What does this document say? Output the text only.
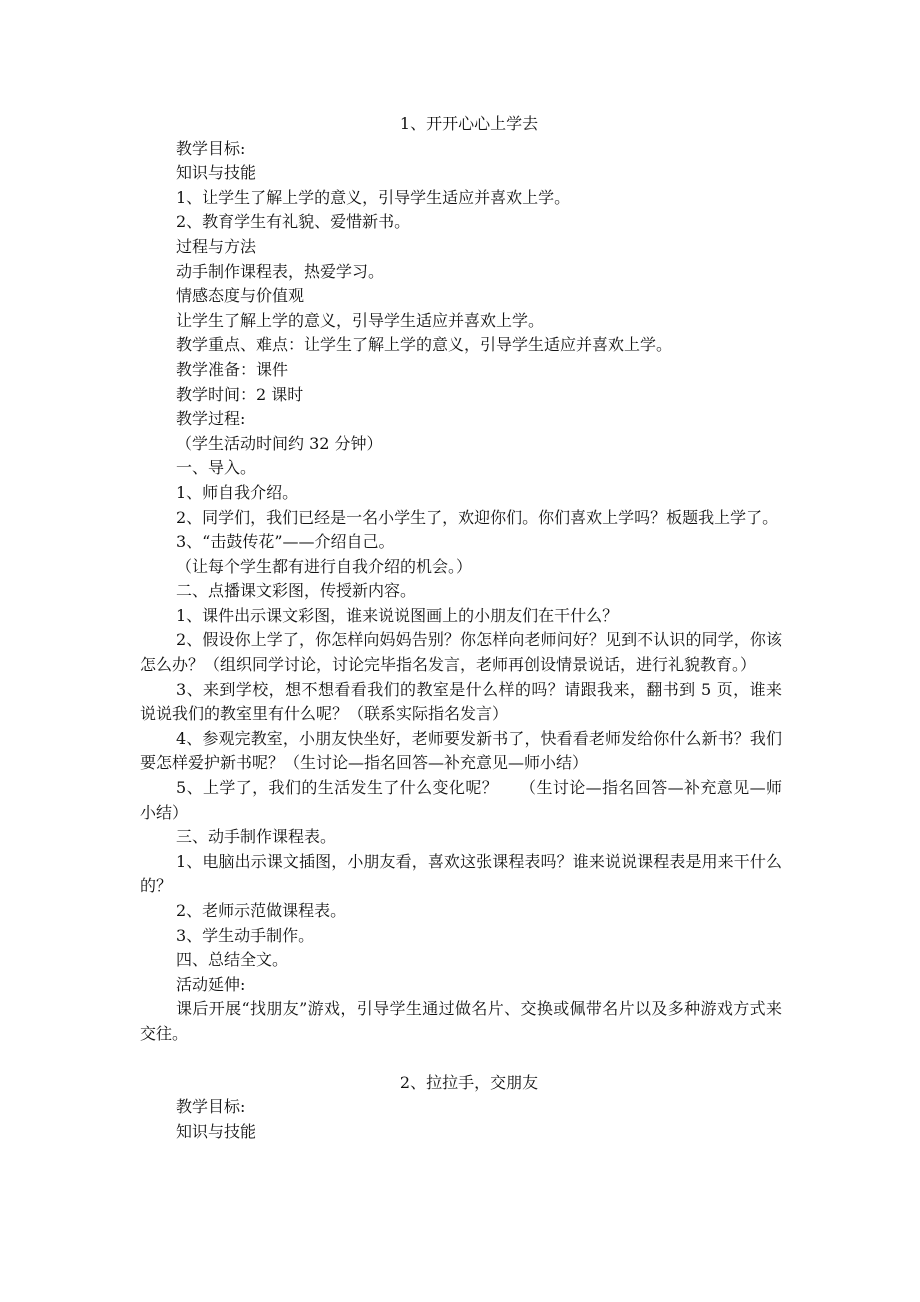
1、开开心心上学去
教学目标:
知识与技能
1、让学生了解上学的意义，引导学生适应并喜欢上学。
2、教育学生有礼貌、爱惜新书。
过程与方法
动手制作课程表，热爱学习。
情感态度与价值观
让学生了解上学的意义，引导学生适应并喜欢上学。
教学重点、难点：让学生了解上学的意义，引导学生适应并喜欢上学。
教学准备：课件
教学时间：2 课时
教学过程:
（学生活动时间约 32 分钟）
一、导入。
1、师自我介绍。
2、同学们，我们已经是一名小学生了，欢迎你们。你们喜欢上学吗？板题我上学了。
3、“击鼓传花”——介绍自己。
（让每个学生都有进行自我介绍的机会。）
二、点播课文彩图，传授新内容。
1、课件出示课文彩图，谁来说说图画上的小朋友们在干什么？
2、假设你上学了，你怎样向妈妈告别？你怎样向老师问好？见到不认识的同学，你该怎么办？（组织同学讨论，讨论完毕指名发言，老师再创设情景说话，进行礼貌教育。）
3、来到学校，想不想看看我们的教室是什么样的吗？请跟我来，翻书到 5 页，谁来说说我们的教室里有什么呢？（联系实际指名发言）
4、参观完教室，小朋友快坐好，老师要发新书了，快看看老师发给你什么新书？我们要怎样爱护新书呢？（生讨论—指名回答—补充意见—师小结）
5、上学了，我们的生活发生了什么变化呢？    （生讨论—指名回答—补充意见—师小结）
三、动手制作课程表。
1、电脑出示课文插图，小朋友看，喜欢这张课程表吗？谁来说说课程表是用来干什么的？
2、老师示范做课程表。
3、学生动手制作。
四、总结全文。
活动延伸:
课后开展“找朋友”游戏，引导学生通过做名片、交换或佩带名片以及多种游戏方式来交往。
2、拉拉手，交朋友
教学目标:
知识与技能
